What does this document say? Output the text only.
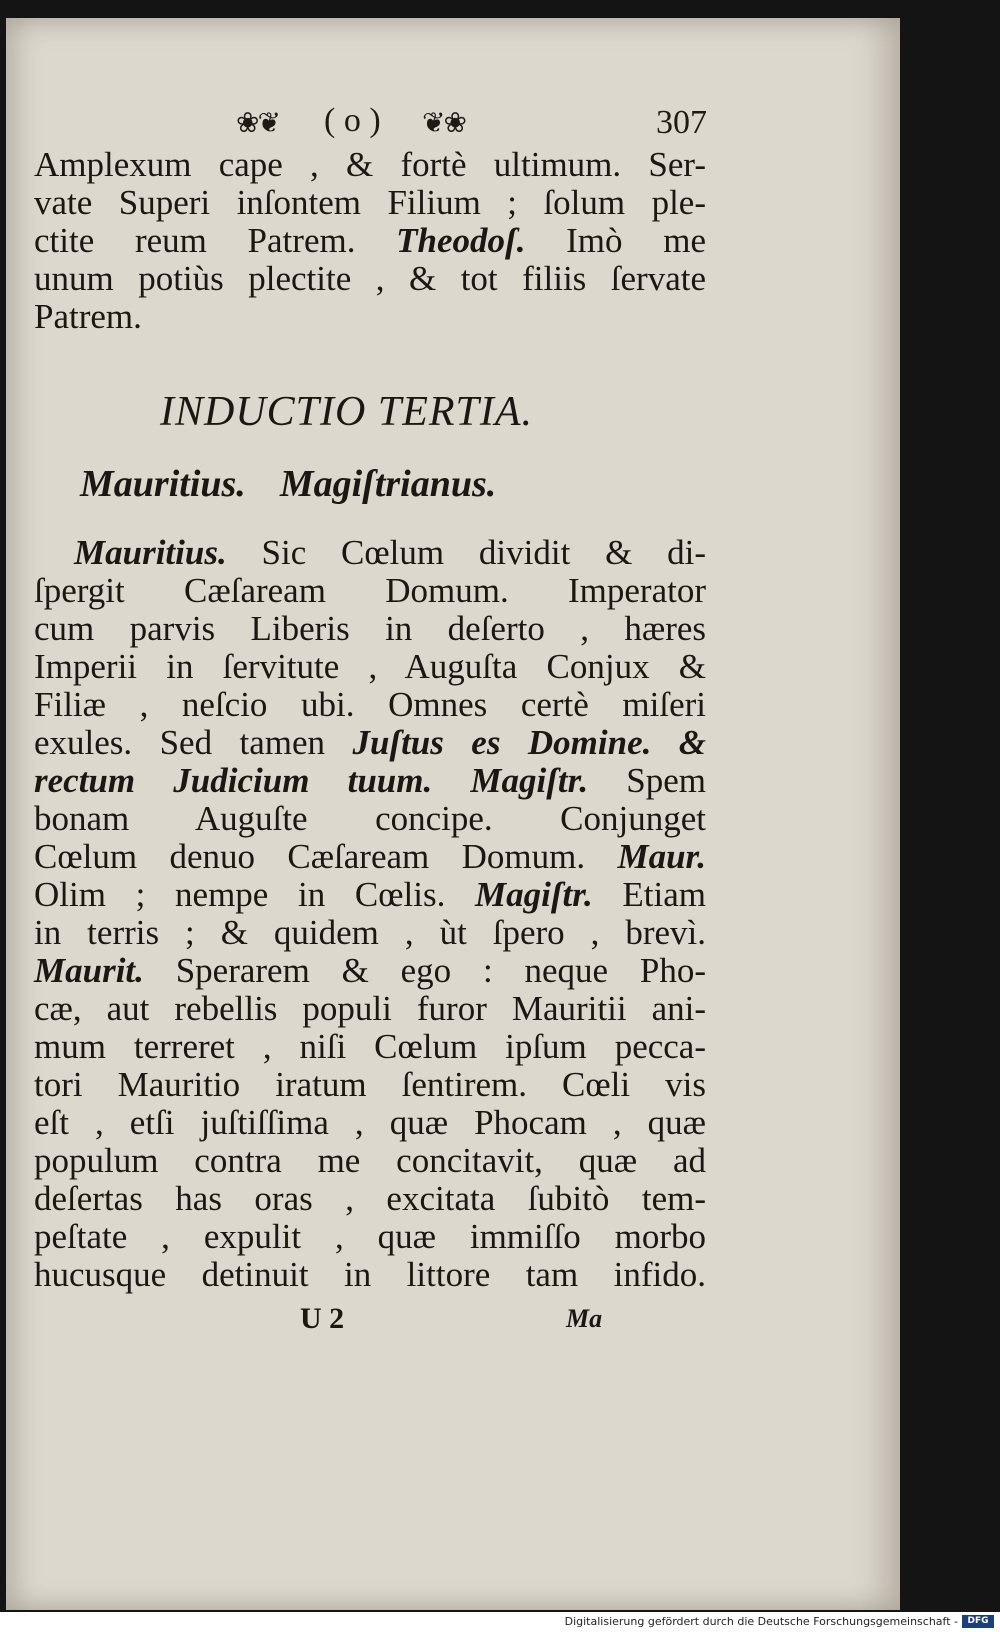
❀❦ ( o ) ❦❀	307

Amplexum cape , & fortè ultimum. Ser-

vate Superi inſontem Filium ; ſolum ple-

ctite reum Patrem. Theodoſ. Imò me

unum potiùs plectite , & tot filiis ſervate

Patrem.

INDUCTIO TERTIA.
Mauritius. Magiſtrianus.

Mauritius. Sic Cœlum dividit & di-

ſpergit Cæſaream Domum. Imperator

cum parvis Liberis in deſerto , hæres

Imperii in ſervitute , Auguſta Conjux &

Filiæ , neſcio ubi. Omnes certè miſeri

exules. Sed tamen Juſtus es Domine. &

rectum Judicium tuum. Magiſtr. Spem

bonam Auguſte concipe. Conjunget

Cœlum denuo Cæſaream Domum. Maur.

Olim ; nempe in Cœlis. Magiſtr. Etiam

in terris ; & quidem , ùt ſpero , brevì.

Maurit. Sperarem & ego : neque Pho-

cæ, aut rebellis populi furor Mauritii ani-

mum terreret , niſi Cœlum ipſum pecca-

tori Mauritio iratum ſentirem. Cœli vis

eſt , etſi juſtiſſima , quæ Phocam , quæ

populum contra me concitavit, quæ ad

deſertas has oras , excitata ſubitò tem-

peſtate , expulit , quæ immiſſo morbo

hucusque detinuit in littore tam infido.

U 2	Ma
Digitalisierung gefördert durch die Deutsche Forschungsgemeinschaft -	DFG
